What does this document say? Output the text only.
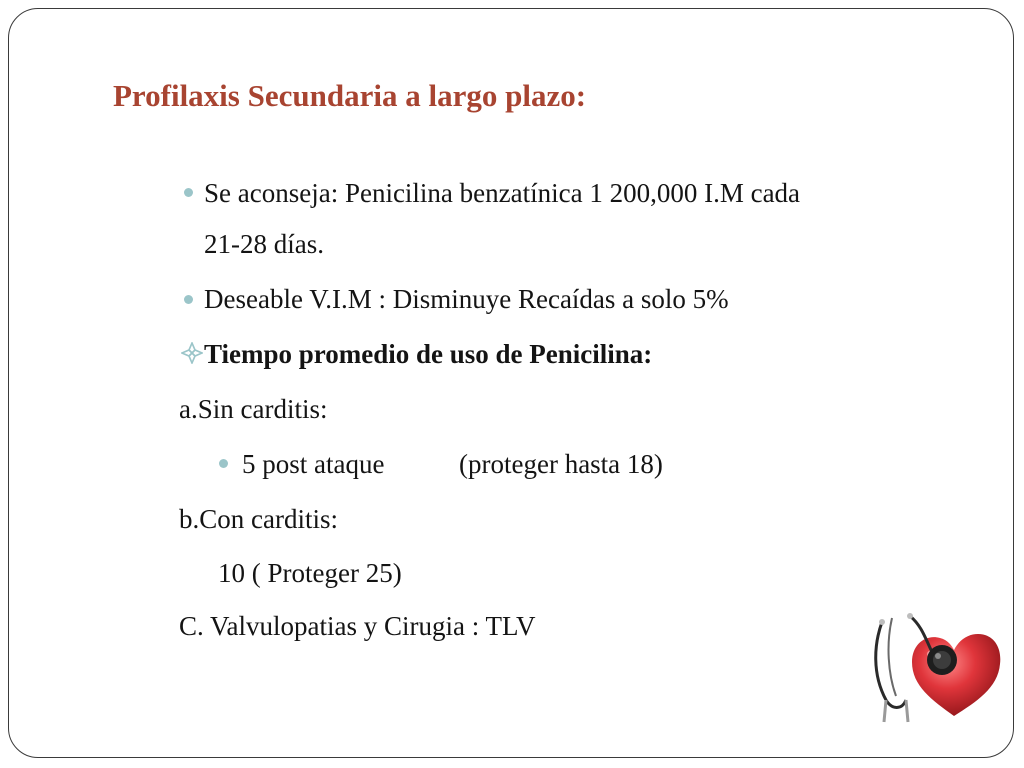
Profilaxis Secundaria a largo plazo:
Se aconseja: Penicilina benzatínica 1 200,000 I.M cada
21-28 días.
Deseable V.I.M : Disminuye Recaídas a solo 5%
Tiempo promedio de uso de Penicilina:
a.Sin carditis:
5 post ataque	(proteger hasta 18)
b.Con carditis:
10 ( Proteger 25)
C. Valvulopatias y Cirugia : TLV
